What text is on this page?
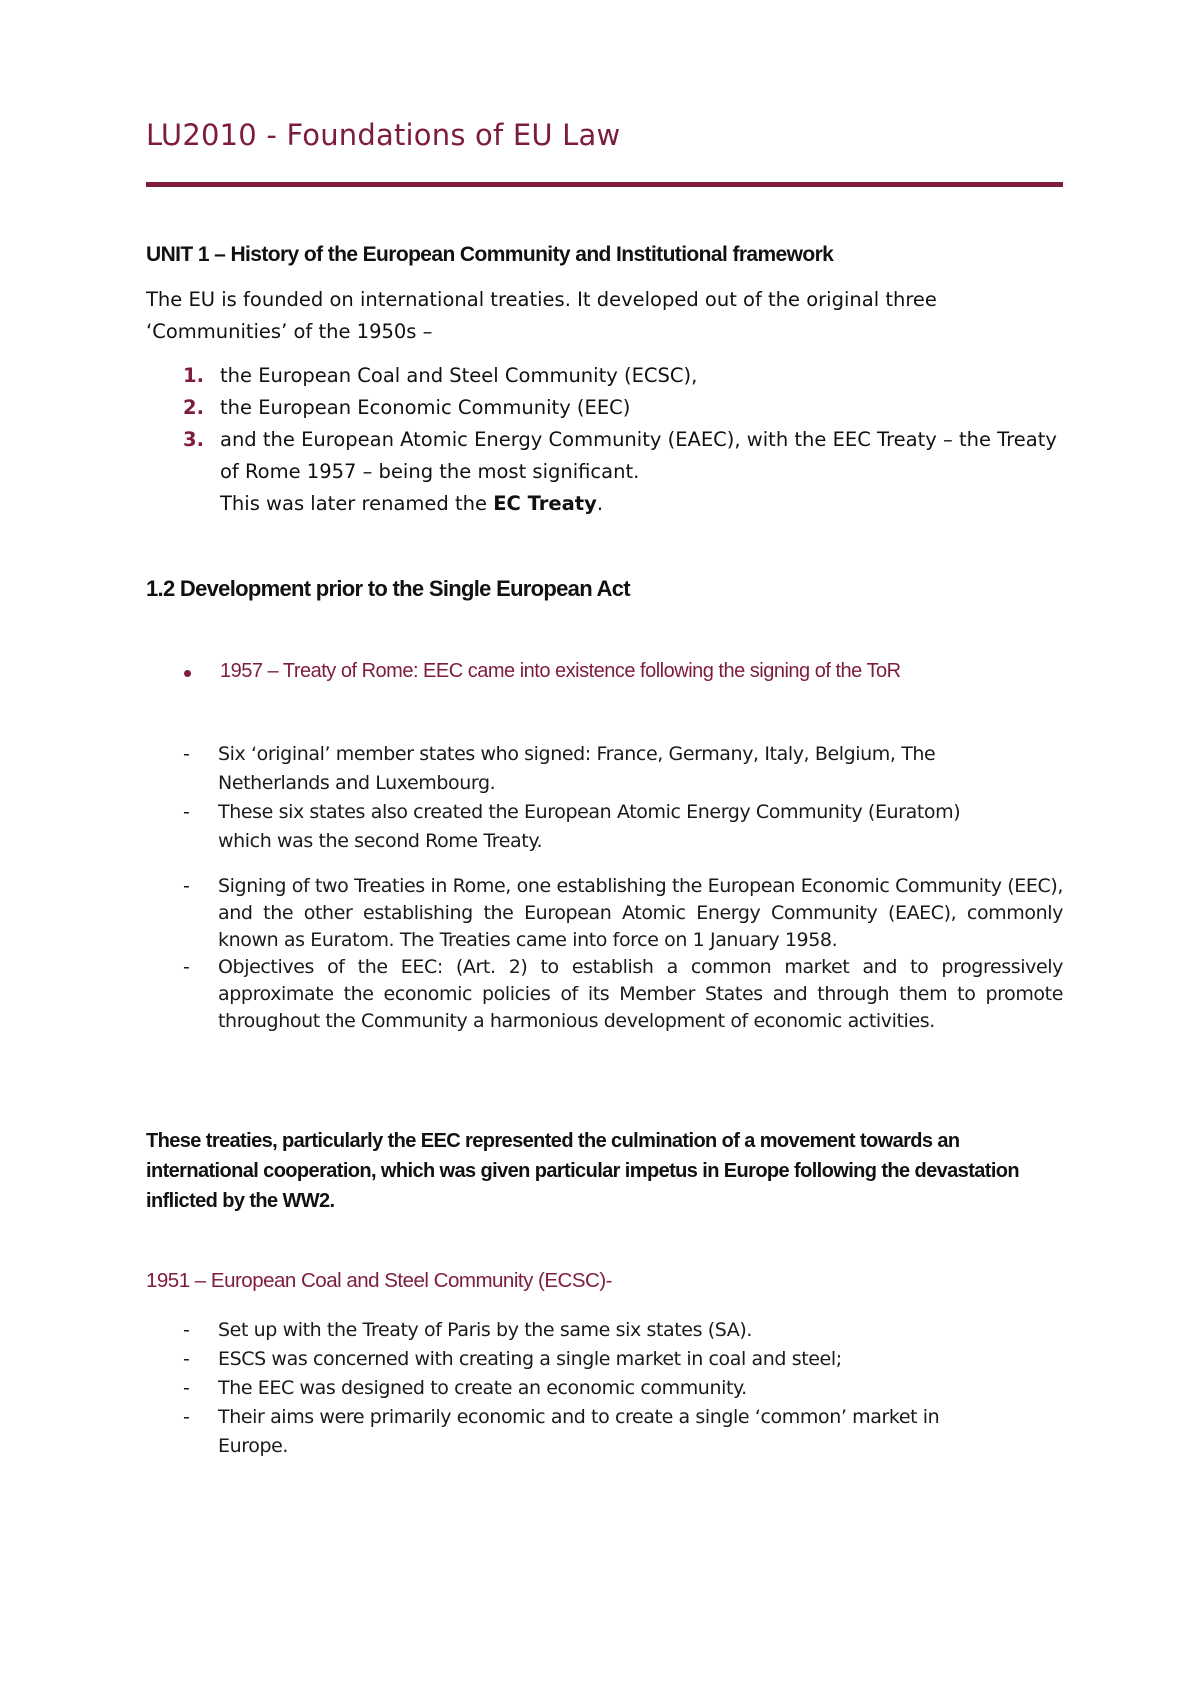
LU2010 - Foundations of EU Law
UNIT 1 – History of the European Community and Institutional framework
The EU is founded on international treaties. It developed out of the original three ‘Communities’ of the 1950s –
1. the European Coal and Steel Community (ECSC),
2. the European Economic Community (EEC)
3. and the European Atomic Energy Community (EAEC), with the EEC Treaty – the Treaty of Rome 1957 – being the most significant.
This was later renamed the EC Treaty.
1.2 Development prior to the Single European Act
1957 – Treaty of Rome: EEC came into existence following the signing of the ToR
- Six ‘original’ member states who signed: France, Germany, Italy, Belgium, The Netherlands and Luxembourg.
- These six states also created the European Atomic Energy Community (Euratom) which was the second Rome Treaty.
- Signing of two Treaties in Rome, one establishing the European Economic Community (EEC), and the other establishing the European Atomic Energy Community (EAEC), commonly known as Euratom. The Treaties came into force on 1 January 1958.
- Objectives of the EEC: (Art. 2) to establish a common market and to progressively approximate the economic policies of its Member States and through them to promote throughout the Community a harmonious development of economic activities.
These treaties, particularly the EEC represented the culmination of a movement towards an international cooperation, which was given particular impetus in Europe following the devastation inflicted by the WW2.
1951 – European Coal and Steel Community (ECSC)-
- Set up with the Treaty of Paris by the same six states (SA).
- ESCS was concerned with creating a single market in coal and steel;
- The EEC was designed to create an economic community.
- Their aims were primarily economic and to create a single ‘common’ market in Europe.
